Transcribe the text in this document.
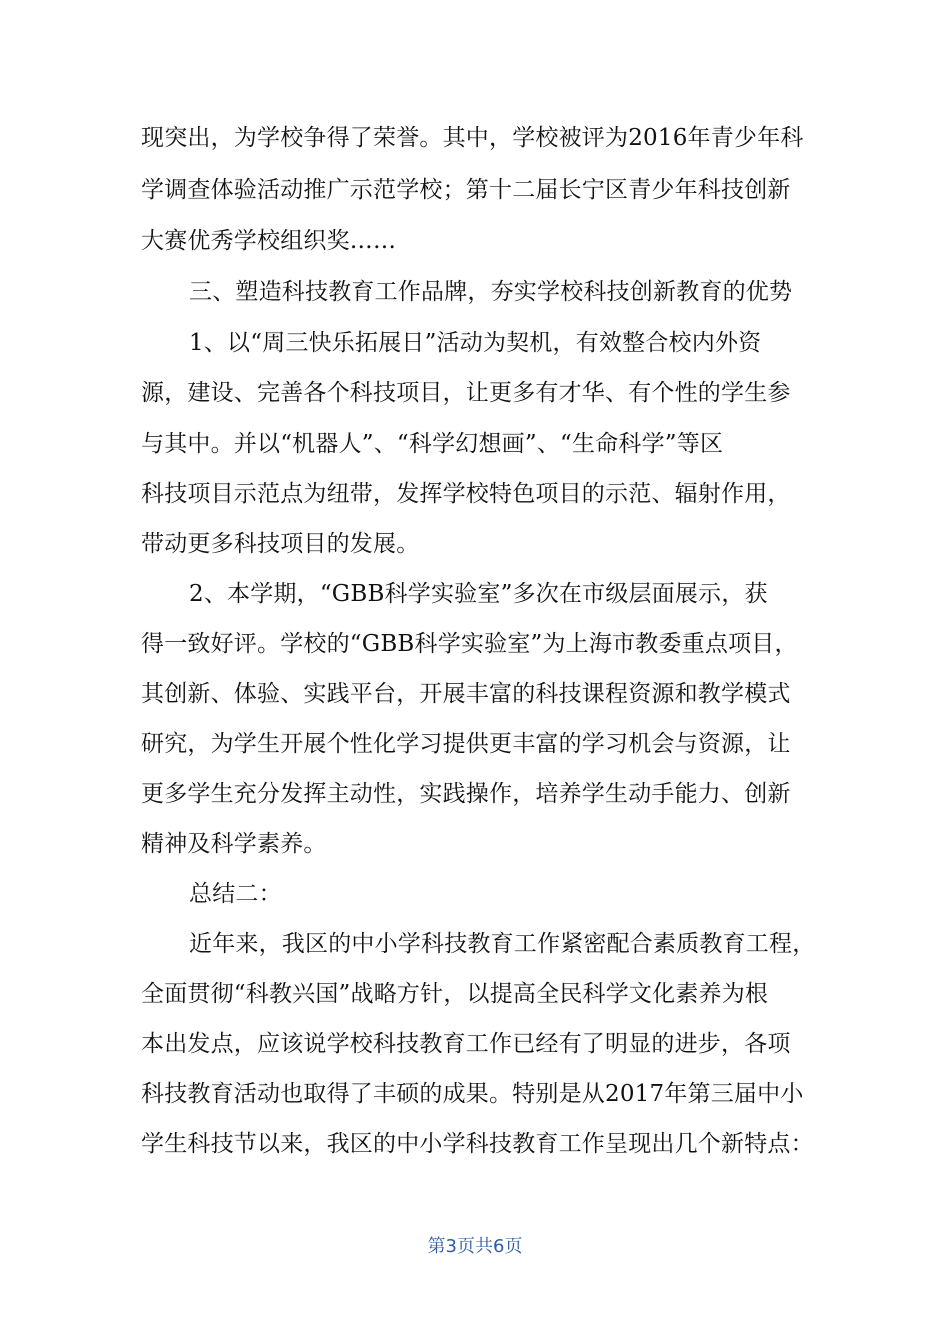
现突出，为学校争得了荣誉。其中，学校被评为2016年青少年科
学调查体验活动推广示范学校；第十二届长宁区青少年科技创新
大赛优秀学校组织奖……
三、塑造科技教育工作品牌，夯实学校科技创新教育的优势
1、以“周三快乐拓展日”活动为契机，有效整合校内外资
源，建设、完善各个科技项目，让更多有才华、有个性的学生参
与其中。并以“机器人”、“科学幻想画”、“生命科学”等区
科技项目示范点为纽带，发挥学校特色项目的示范、辐射作用，
带动更多科技项目的发展。
2、本学期，“GBB科学实验室”多次在市级层面展示，获
得一致好评。学校的“GBB科学实验室”为上海市教委重点项目，
其创新、体验、实践平台，开展丰富的科技课程资源和教学模式
研究，为学生开展个性化学习提供更丰富的学习机会与资源，让
更多学生充分发挥主动性，实践操作，培养学生动手能力、创新
精神及科学素养。
总结二：
近年来，我区的中小学科技教育工作紧密配合素质教育工程，
全面贯彻“科教兴国”战略方针，以提高全民科学文化素养为根
本出发点，应该说学校科技教育工作已经有了明显的进步，各项
科技教育活动也取得了丰硕的成果。特别是从2017年第三届中小
学生科技节以来，我区的中小学科技教育工作呈现出几个新特点：
第3页共6页
